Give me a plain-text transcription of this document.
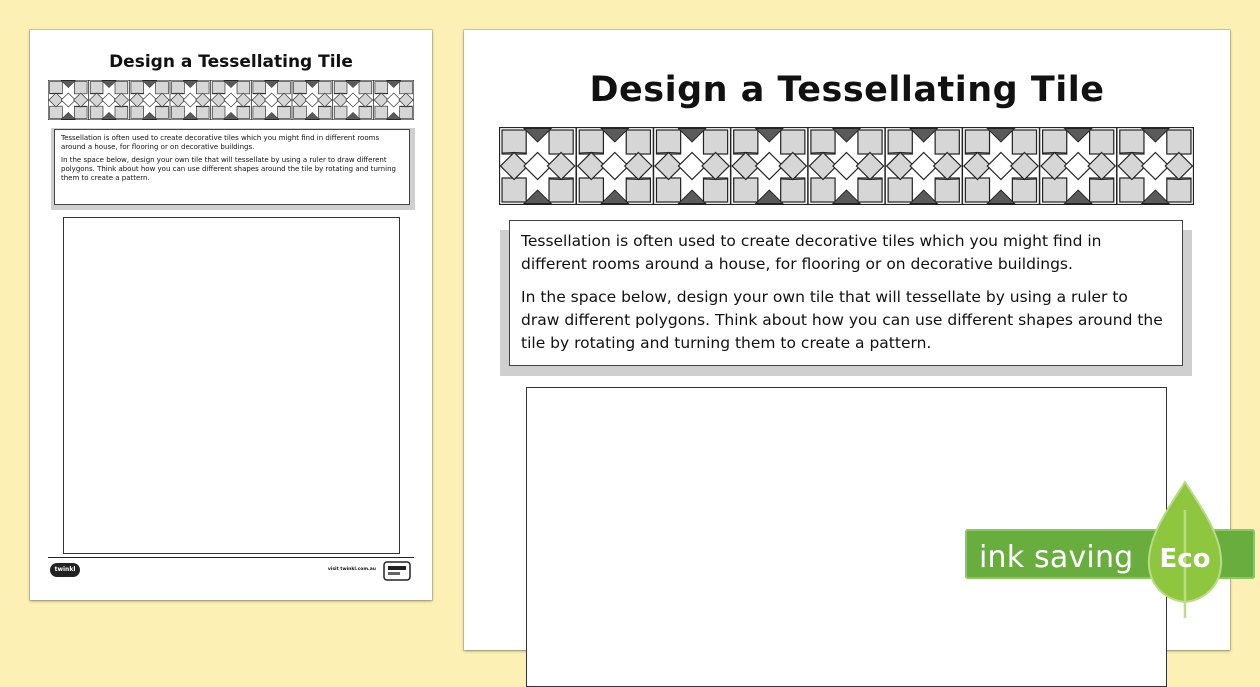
Design a Tessellating Tile

Tessellation is often used to create decorative tiles which you might find in different rooms around a house, for flooring or on decorative buildings.

In the space below, design your own tile that will tessellate by using a ruler to draw different polygons. Think about how you can use different shapes around the tile by rotating and turning them to create a pattern.

twinkl	visit twinkl.com.au
Design a Tessellating Tile

Tessellation is often used to create decorative tiles which you might find in different rooms around a house, for flooring or on decorative buildings.

In the space below, design your own tile that will tessellate by using a ruler to draw different polygons. Think about how you can use different shapes around the tile by rotating and turning them to create a pattern.

ink saving Eco
